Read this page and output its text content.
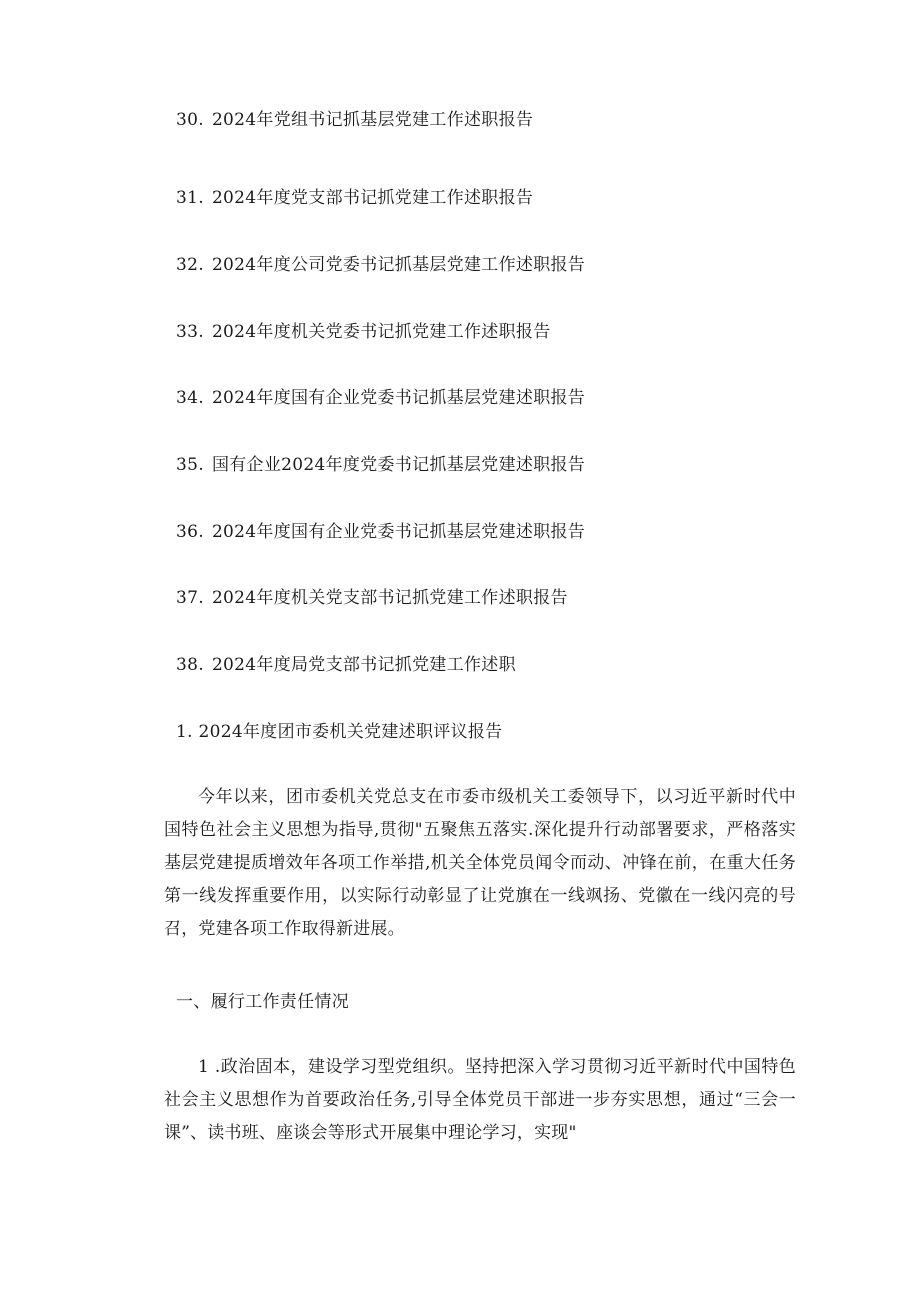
30. 2024年党组书记抓基层党建工作述职报告
31. 2024年度党支部书记抓党建工作述职报告
32. 2024年度公司党委书记抓基层党建工作述职报告
33. 2024年度机关党委书记抓党建工作述职报告
34. 2024年度国有企业党委书记抓基层党建述职报告
35. 国有企业2024年度党委书记抓基层党建述职报告
36. 2024年度国有企业党委书记抓基层党建述职报告
37. 2024年度机关党支部书记抓党建工作述职报告
38. 2024年度局党支部书记抓党建工作述职
1. 2024年度团市委机关党建述职评议报告
今年以来，团市委机关党总支在市委市级机关工委领导下，以习近平新时代中国特色社会主义思想为指导,贯彻"五聚焦五落实.深化提升行动部署要求，严格落实基层党建提质增效年各项工作举措,机关全体党员闻令而动、冲锋在前，在重大任务第一线发挥重要作用，以实际行动彰显了让党旗在一线飒扬、党徽在一线闪亮的号召，党建各项工作取得新进展。
一、履行工作责任情况
1 .政治固本，建设学习型党组织。坚持把深入学习贯彻习近平新时代中国特色社会主义思想作为首要政治任务,引导全体党员干部进一步夯实思想，通过“三会一课”、读书班、座谈会等形式开展集中理论学习，实现"
